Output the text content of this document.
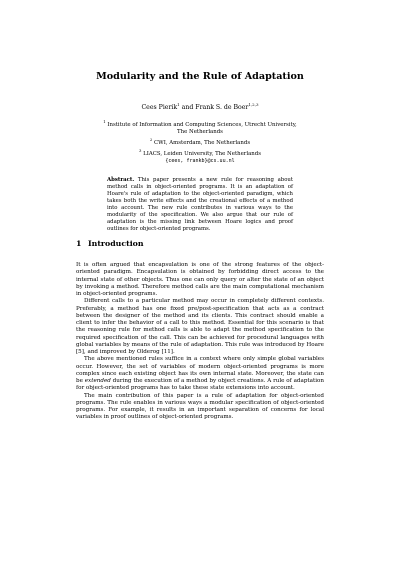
Modularity and the Rule of Adaptation
Cees Pierik$^1$ and Frank S. de Boer$^{1,2,3}$
$^1$ Institute of Information and Computing Sciences, Utrecht University,
The Netherlands
$^2$ CWI, Amsterdam, The Netherlands
$^3$ LIACS, Leiden University, The Netherlands
{cees, frankb}@cs.uu.nl
Abstract. This paper presents a new rule for reasoning about method calls in object-oriented programs. It is an adaptation of Hoare's rule of adaptation to the object-oriented paradigm, which takes both the write effects and the creational effects of a method into account. The new rule contributes in various ways to the modularity of the specification. We also argue that our rule of adaptation is the missing link between Hoare logics and proof outlines for object-oriented programs.
1 Introduction

It is often argued that encapsulation is one of the strong features of the object-oriented paradigm. Encapsulation is obtained by forbidding direct access to the internal state of other objects. Thus one can only query or alter the state of an object by invoking a method. Therefore method calls are the main computational mechanism in object-oriented programs.

Different calls to a particular method may occur in completely different contexts. Preferably, a method has one fixed pre/post-specification that acts as a contract between the designer of the method and its clients. This contract should enable a client to infer the behavior of a call to this method. Essential for this scenario is that the reasoning rule for method calls is able to adapt the method specification to the required specification of the call. This can be achieved for procedural languages with global variables by means of the rule of adaptation. This rule was introduced by Hoare [5], and improved by Olderog [11].

The above mentioned rules suffice in a context where only simple global variables occur. However, the set of variables of modern object-oriented programs is more complex since each existing object has its own internal state. Moreover, the state can be extended during the execution of a method by object creations. A rule of adaptation for object-oriented programs has to take these state extensions into account.

The main contribution of this paper is a rule of adaptation for object-oriented programs. The rule enables in various ways a modular specification of object-oriented programs. For example, it results in an important separation of concerns for local variables in proof outlines of object-oriented programs.
